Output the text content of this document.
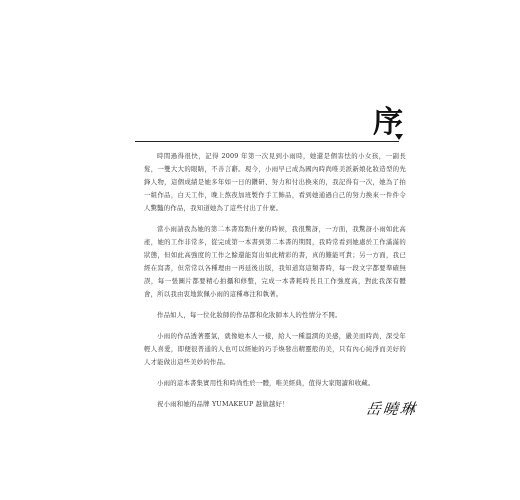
序

時間過得很快，記得 2009 年第一次見到小雨時，她還是個害怯的小女孩，一副長髮，一雙大大的眼睛，不善言辭。現今，小雨早已成為國內時尚唯美派新娘化妝造型的先鋒人物，這個成績是她多年如一日的鑽研、努力和付出換來的，我記得有一次，她為了拍一組作品，白天工作，晚上熬夜加班製作手工飾品，看到她通過自己的努力換來一件件令人驚豔的作品，我知道她為了這些付出了什麼。

當小雨請我為她的第二本書寫點什麼的時候，我很驚訝，一方面，我驚訝小雨如此高產，她的工作非常多，從完成第一本書到第二本書的期間，我時常看到她處於工作滿滿的狀態，但如此高強度的工作之餘還能寫出如此精彩的書，真的難能可貴；另一方面，我已經在寫書，但常常以各種理由一再延後出版，我知道寫這類書時，每一段文字都要準確無誤，每一張圖片都要精心拍攝和修整，完成一本書耗時長且工作強度高，對此我深有體會，所以我由衷地欽佩小雨的這種專注和執著。

作品如人，每一位化妝師的作品都和化妝師本人的性情分不開。

小雨的作品透著靈氣，就像她本人一樣，給人一種溫潤的美感，嚴美而時尚，深受年輕人喜愛，即便很普通的人也可以經她的巧手煥發出精靈般的美，只有內心純淨而美好的人才能做出這些美妙的作品。

小雨的這本書集實用性和時尚性於一體，唯美經典，值得大家閱讀和收藏。

祝小雨和她的品牌 YUMAKEUP 越做越好！	岳曉琳
